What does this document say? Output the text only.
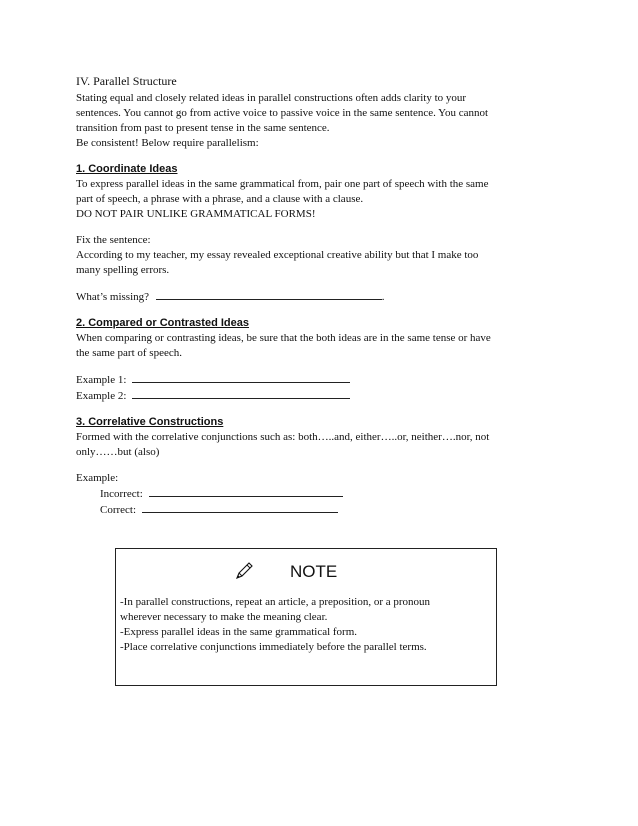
IV. Parallel Structure

Stating equal and closely related ideas in parallel constructions often adds clarity to your

sentences. You cannot go from active voice to passive voice in the same sentence. You cannot

transition from past to present tense in the same sentence.

Be consistent! Below require parallelism:

1. Coordinate Ideas

To express parallel ideas in the same grammatical from, pair one part of speech with the same

part of speech, a phrase with a phrase, and a clause with a clause.

DO NOT PAIR UNLIKE GRAMMATICAL FORMS!

Fix the sentence:

According to my teacher, my essay revealed exceptional creative ability but that I make too

many spelling errors.

What’s missing?	.

2. Compared or Contrasted Ideas

When comparing or contrasting ideas, be sure that the both ideas are in the same tense or have

the same part of speech.

Example 1:

Example 2:

3. Correlative Constructions

Formed with the correlative conjunctions such as: both…..and, either…..or, neither….nor, not

only……but (also)

Example:

Incorrect:

Correct:

NOTE

-In parallel constructions, repeat an article, a preposition, or a pronoun

wherever necessary to make the meaning clear.

-Express parallel ideas in the same grammatical form.

-Place correlative conjunctions immediately before the parallel terms.
